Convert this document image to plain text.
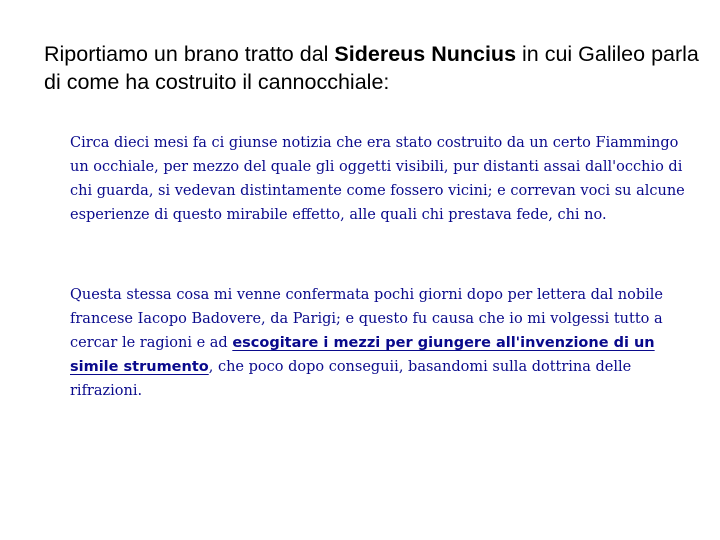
Riportiamo un brano tratto dal Sidereus Nuncius in cui Galileo parla di come ha costruito il cannocchiale:

Circa dieci mesi fa ci giunse notizia che era stato costruito da un certo Fiammingo un occhiale, per mezzo del quale gli oggetti visibili, pur distanti assai dall'occhio di chi guarda, si vedevan distintamente come fossero vicini; e correvan voci su alcune esperienze di questo mirabile effetto, alle quali chi prestava fede, chi no.

Questa stessa cosa mi venne confermata pochi giorni dopo per lettera dal nobile francese Iacopo Badovere, da Parigi; e questo fu causa che io mi volgessi tutto a cercar le ragioni e ad escogitare i mezzi per giungere all'invenzione di un simile strumento, che poco dopo conseguii, basandomi sulla dottrina delle rifrazioni.
